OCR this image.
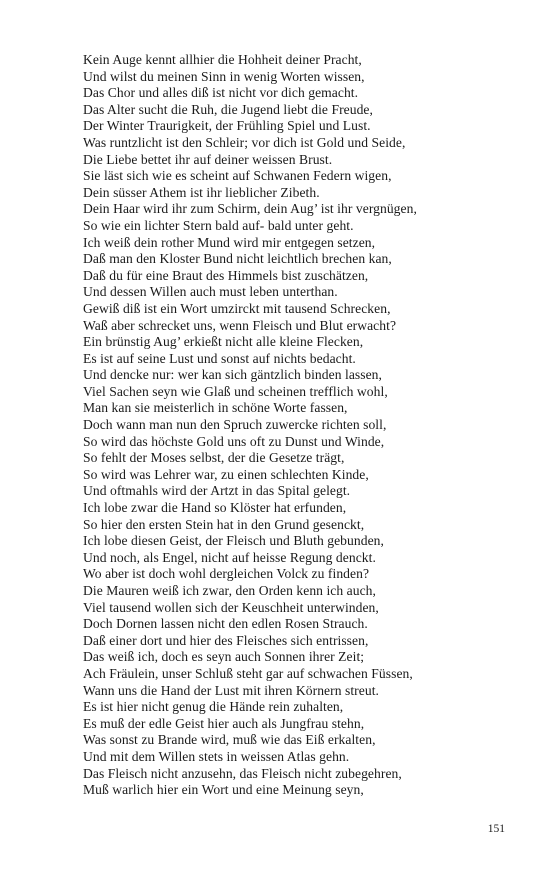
Kein Auge kennt allhier die Hohheit deiner Pracht,
Und wilst du meinen Sinn in wenig Worten wissen,
Das Chor und alles diß ist nicht vor dich gemacht.
Das Alter sucht die Ruh, die Jugend liebt die Freude,
Der Winter Traurigkeit, der Frühling Spiel und Lust.
Was runtzlicht ist den Schleir; vor dich ist Gold und Seide,
Die Liebe bettet ihr auf deiner weissen Brust.
Sie läst sich wie es scheint auf Schwanen Federn wigen,
Dein süsser Athem ist ihr lieblicher Zibeth.
Dein Haar wird ihr zum Schirm, dein Aug’ ist ihr vergnügen,
So wie ein lichter Stern bald auf- bald unter geht.
Ich weiß dein rother Mund wird mir entgegen setzen,
Daß man den Kloster Bund nicht leichtlich brechen kan,
Daß du für eine Braut des Himmels bist zuschätzen,
Und dessen Willen auch must leben unterthan.
Gewiß diß ist ein Wort umzirckt mit tausend Schrecken,
Waß aber schrecket uns, wenn Fleisch und Blut erwacht?
Ein brünstig Aug’ erkießt nicht alle kleine Flecken,
Es ist auf seine Lust und sonst auf nichts bedacht.
Und dencke nur: wer kan sich gäntzlich binden lassen,
Viel Sachen seyn wie Glaß und scheinen trefflich wohl,
Man kan sie meisterlich in schöne Worte fassen,
Doch wann man nun den Spruch zuwercke richten soll,
So wird das höchste Gold uns oft zu Dunst und Winde,
So fehlt der Moses selbst, der die Gesetze trägt,
So wird was Lehrer war, zu einen schlechten Kinde,
Und oftmahls wird der Artzt in das Spital gelegt.
Ich lobe zwar die Hand so Klöster hat erfunden,
So hier den ersten Stein hat in den Grund gesenckt,
Ich lobe diesen Geist, der Fleisch und Bluth gebunden,
Und noch, als Engel, nicht auf heisse Regung denckt.
Wo aber ist doch wohl dergleichen Volck zu finden?
Die Mauren weiß ich zwar, den Orden kenn ich auch,
Viel tausend wollen sich der Keuschheit unterwinden,
Doch Dornen lassen nicht den edlen Rosen Strauch.
Daß einer dort und hier des Fleisches sich entrissen,
Das weiß ich, doch es seyn auch Sonnen ihrer Zeit;
Ach Fräulein, unser Schluß steht gar auf schwachen Füssen,
Wann uns die Hand der Lust mit ihren Körnern streut.
Es ist hier nicht genug die Hände rein zuhalten,
Es muß der edle Geist hier auch als Jungfrau stehn,
Was sonst zu Brande wird, muß wie das Eiß erkalten,
Und mit dem Willen stets in weissen Atlas gehn.
Das Fleisch nicht anzusehn, das Fleisch nicht zubegehren,
Muß warlich hier ein Wort und eine Meinung seyn,
151
